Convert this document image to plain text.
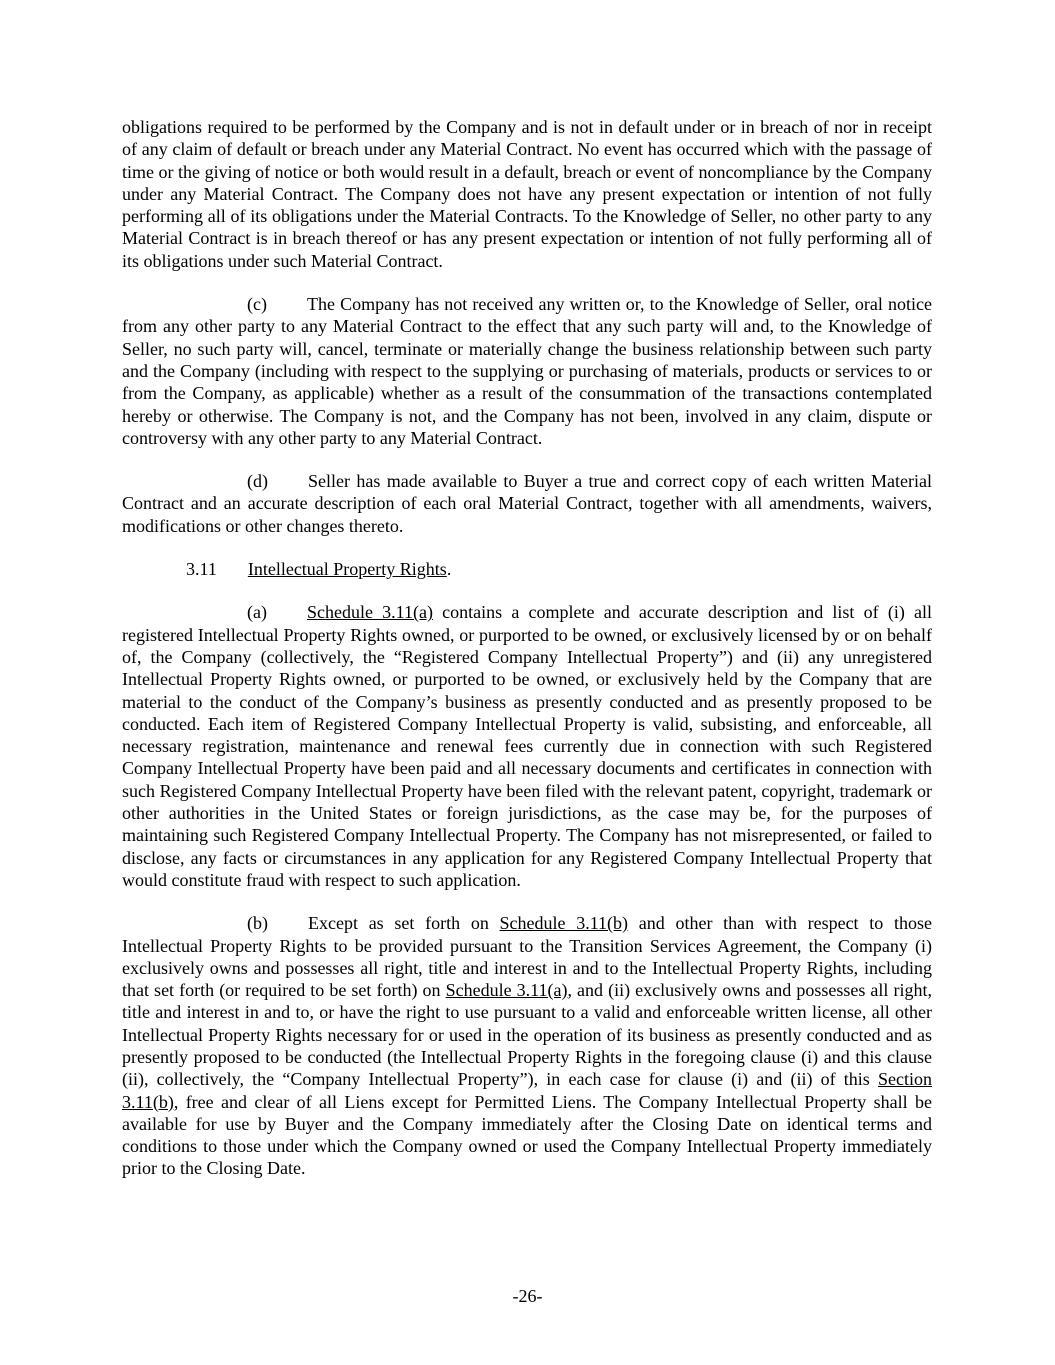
obligations required to be performed by the Company and is not in default under or in breach of nor in receipt of any claim of default or breach under any Material Contract. No event has occurred which with the passage of time or the giving of notice or both would result in a default, breach or event of noncompliance by the Company under any Material Contract. The Company does not have any present expectation or intention of not fully performing all of its obligations under the Material Contracts. To the Knowledge of Seller, no other party to any Material Contract is in breach thereof or has any present expectation or intention of not fully performing all of its obligations under such Material Contract.

(c) The Company has not received any written or, to the Knowledge of Seller, oral notice from any other party to any Material Contract to the effect that any such party will and, to the Knowledge of Seller, no such party will, cancel, terminate or materially change the business relationship between such party and the Company (including with respect to the supplying or purchasing of materials, products or services to or from the Company, as applicable) whether as a result of the consummation of the transactions contemplated hereby or otherwise. The Company is not, and the Company has not been, involved in any claim, dispute or controversy with any other party to any Material Contract.

(d) Seller has made available to Buyer a true and correct copy of each written Material Contract and an accurate description of each oral Material Contract, together with all amendments, waivers, modifications or other changes thereto.

3.11 Intellectual Property Rights.

(a) Schedule 3.11(a) contains a complete and accurate description and list of (i) all registered Intellectual Property Rights owned, or purported to be owned, or exclusively licensed by or on behalf of, the Company (collectively, the “Registered Company Intellectual Property”) and (ii) any unregistered Intellectual Property Rights owned, or purported to be owned, or exclusively held by the Company that are material to the conduct of the Company’s business as presently conducted and as presently proposed to be conducted. Each item of Registered Company Intellectual Property is valid, subsisting, and enforceable, all necessary registration, maintenance and renewal fees currently due in connection with such Registered Company Intellectual Property have been paid and all necessary documents and certificates in connection with such Registered Company Intellectual Property have been filed with the relevant patent, copyright, trademark or other authorities in the United States or foreign jurisdictions, as the case may be, for the purposes of maintaining such Registered Company Intellectual Property. The Company has not misrepresented, or failed to disclose, any facts or circumstances in any application for any Registered Company Intellectual Property that would constitute fraud with respect to such application.

(b) Except as set forth on Schedule 3.11(b) and other than with respect to those Intellectual Property Rights to be provided pursuant to the Transition Services Agreement, the Company (i) exclusively owns and possesses all right, title and interest in and to the Intellectual Property Rights, including that set forth (or required to be set forth) on Schedule 3.11(a), and (ii) exclusively owns and possesses all right, title and interest in and to, or have the right to use pursuant to a valid and enforceable written license, all other Intellectual Property Rights necessary for or used in the operation of its business as presently conducted and as presently proposed to be conducted (the Intellectual Property Rights in the foregoing clause (i) and this clause (ii), collectively, the “Company Intellectual Property”), in each case for clause (i) and (ii) of this Section 3.11(b), free and clear of all Liens except for Permitted Liens. The Company Intellectual Property shall be available for use by Buyer and the Company immediately after the Closing Date on identical terms and conditions to those under which the Company owned or used the Company Intellectual Property immediately prior to the Closing Date.

-26-
